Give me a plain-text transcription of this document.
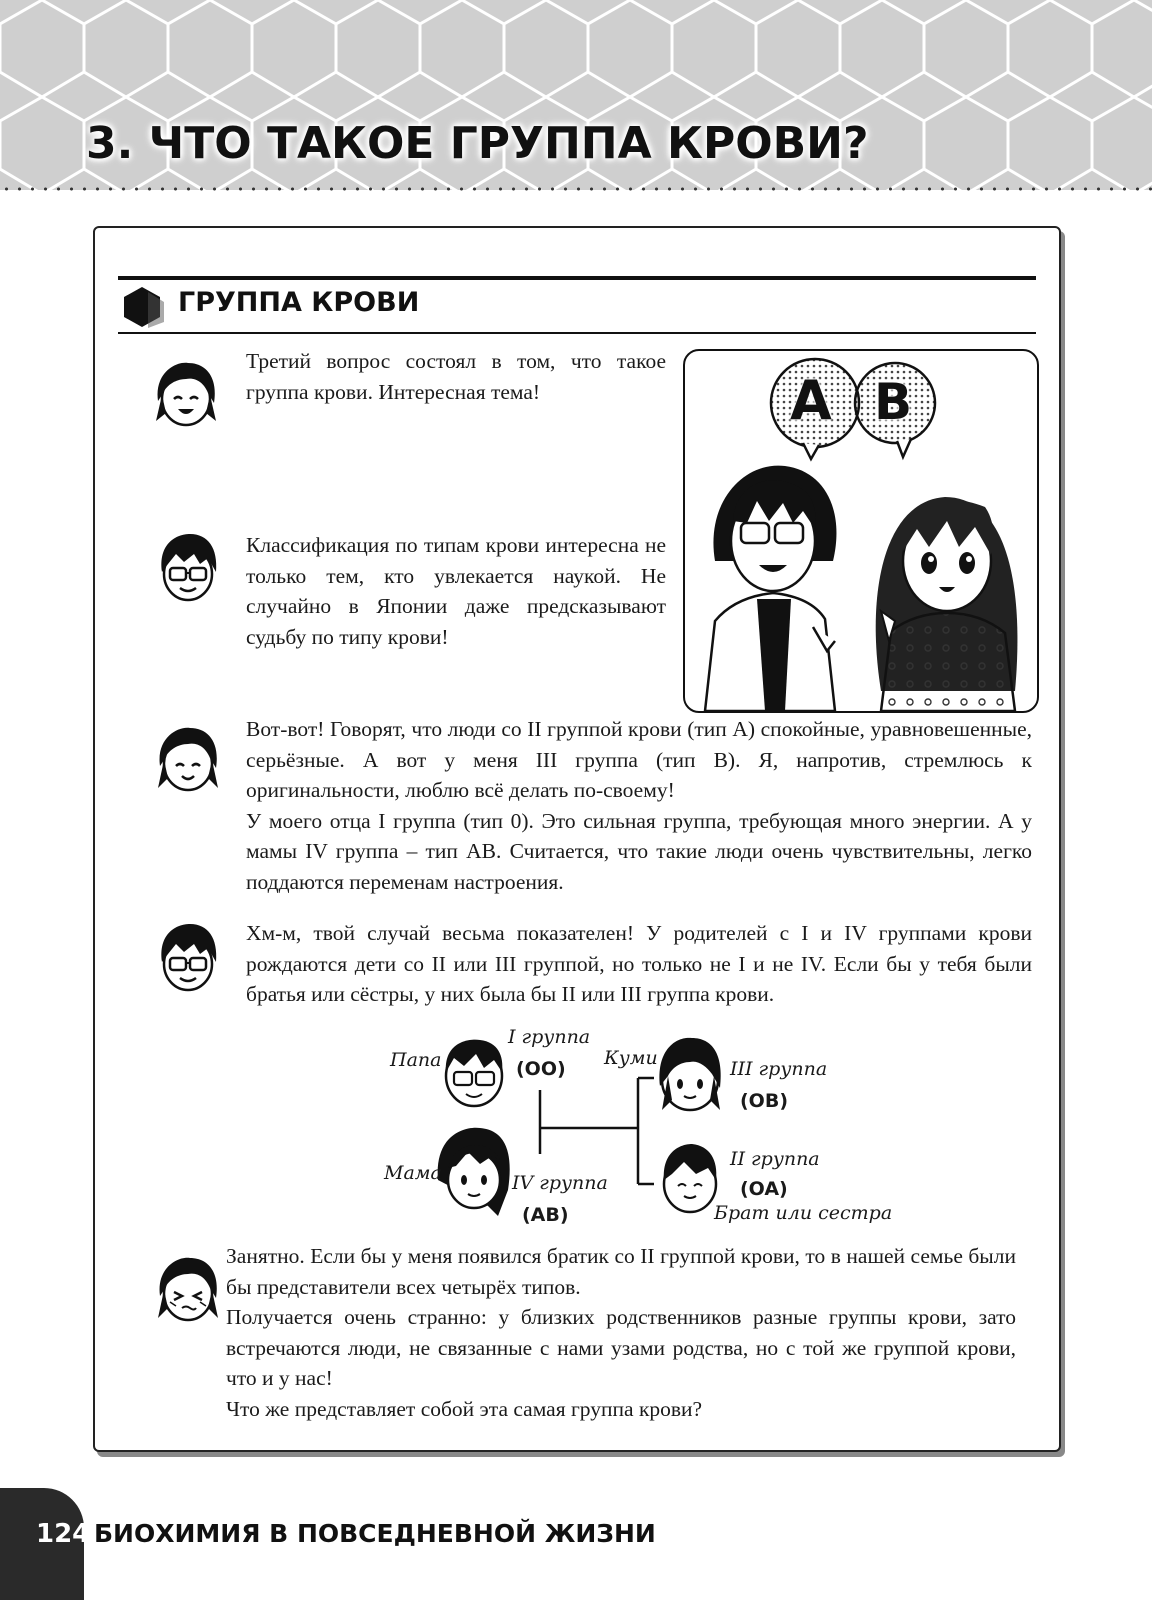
3. ЧТО ТАКОЕ ГРУППА КРОВИ?
ГРУППА КРОВИ

Третий вопрос состоял в том, что такое группа крови. Интересная тема!

Классификация по типам крови интересна не только тем, кто увлекается наукой. Не случайно в Японии даже предсказывают судьбу по типу крови!

A B

Вот-вот! Говорят, что люди со II группой крови (тип A) спокойные, уравновешенные, серьёзные. А вот у меня III группа (тип B). Я, напротив, стремлюсь к оригинальности, люблю всё делать по-своему!
У моего отца I группа (тип 0). Это сильная группа, требующая много энергии. А у мамы IV группа – тип AB. Считается, что такие люди очень чувствительны, легко поддаются переменам настроения.

Хм-м, твой случай весьма показателен! У родителей с I и IV группами крови рождаются дети со II или III группой, но только не I и не IV. Если бы у тебя были братья или сёстры, у них была бы II или III группа крови.

Папа
I группа
(OO)
Мама	IV группа
(AB)
Куми	III группа
(OB)
II группа
(OA)
Брат или сестра

Занятно. Если бы у меня появился братик со II группой крови, то в нашей семье были бы представители всех четырёх типов.
Получается очень странно: у близких родственников разные группы крови, зато встречаются люди, не связанные с нами узами родства, но с той же группой крови, что и у нас!
Что же представляет собой эта самая группа крови?

124 БИОХИМИЯ В ПОВСЕДНЕВНОЙ ЖИЗНИ
